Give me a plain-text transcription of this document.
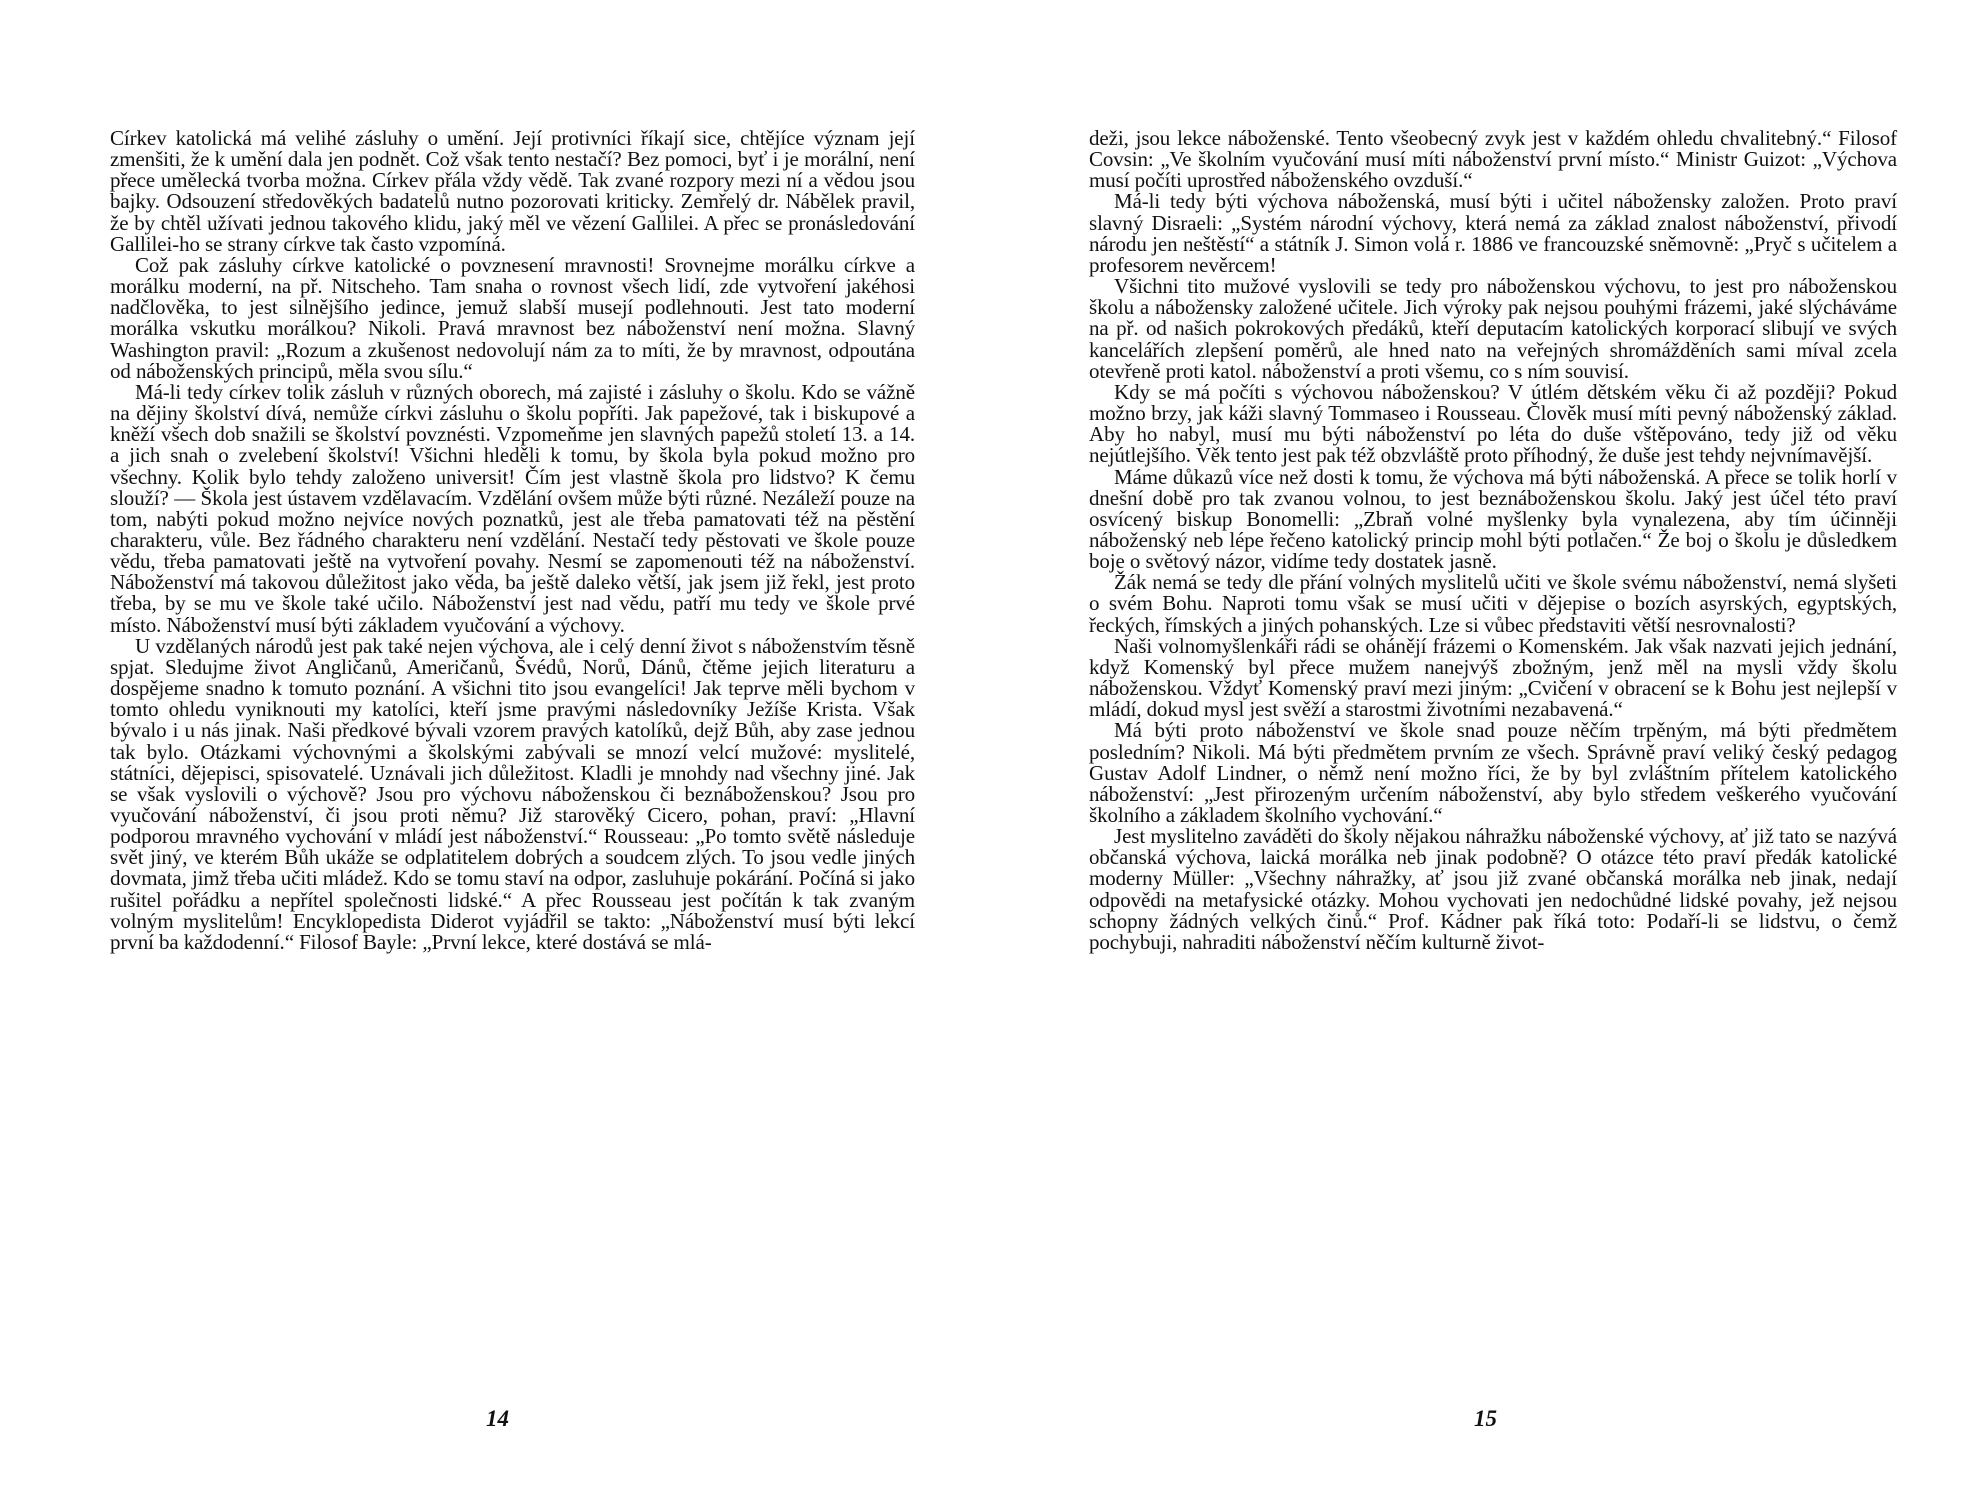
Církev katolická má velihé zásluhy o umění. Její protivníci říkají sice, chtějíce význam její zmenšiti, že k umění dala jen podnět. Což však tento nestačí? Bez pomoci, byť i je morální, není přece umělecká tvorba možna. Církev přála vždy vědě. Tak zvané rozpory mezi ní a vědou jsou bajky. Odsouzení středověkých badatelů nutno pozorovati kriticky. Zemřelý dr. Nábělek pravil, že by chtěl užívati jednou takového klidu, jaký měl ve vězení Gallilei. A přec se pronásledování Gallilei-ho se strany církve tak často vzpomíná.

Což pak zásluhy církve katolické o povznesení mravnosti! Srovnejme morálku církve a morálku moderní, na př. Nitscheho. Tam snaha o rovnost všech lidí, zde vytvoření jakéhosi nadčlověka, to jest silnějšího jedince, jemuž slabší musejí podlehnouti. Jest tato moderní morálka vskutku morálkou? Nikoli. Pravá mravnost bez náboženství není možna. Slavný Washington pravil: „Rozum a zkušenost nedovolují nám za to míti, že by mravnost, odpoutána od náboženských principů, měla svou sílu.“

Má-li tedy církev tolik zásluh v různých oborech, má zajisté i zásluhy o školu. Kdo se vážně na dějiny školství dívá, nemůže církvi zásluhu o školu popříti. Jak papežové, tak i biskupové a kněží všech dob snažili se školství povznésti. Vzpomeňme jen slavných papežů století 13. a 14. a jich snah o zvelebení školství! Všichni hleděli k tomu, by škola byla pokud možno pro všechny. Kolik bylo tehdy založeno universit! Čím jest vlastně škola pro lidstvo? K čemu slouží? — Škola jest ústavem vzdělavacím. Vzdělání ovšem může býti různé. Nezáleží pouze na tom, nabýti pokud možno nejvíce nových poznatků, jest ale třeba pamatovati též na pěstění charakteru, vůle. Bez řádného charakteru není vzdělání. Nestačí tedy pěstovati ve škole pouze vědu, třeba pamatovati ještě na vytvoření povahy. Nesmí se zapomenouti též na náboženství. Náboženství má takovou důležitost jako věda, ba ještě daleko větší, jak jsem již řekl, jest proto třeba, by se mu ve škole také učilo. Náboženství jest nad vědu, patří mu tedy ve škole prvé místo. Náboženství musí býti základem vyučování a výchovy.

U vzdělaných národů jest pak také nejen výchova, ale i celý denní život s náboženstvím těsně spjat. Sledujme život Angličanů, Američanů, Švédů, Norů, Dánů, čtěme jejich literaturu a dospějeme snadno k tomuto poznání. A všichni tito jsou evangelíci! Jak teprve měli bychom v tomto ohledu vyniknouti my katolíci, kteří jsme pravými následovníky Ježíše Krista. Však bývalo i u nás jinak. Naši předkové bývali vzorem pravých katolíků, dejž Bůh, aby zase jednou tak bylo. Otázkami výchovnými a školskými zabývali se mnozí velcí mužové: myslitelé, státníci, dějepisci, spisovatelé. Uznávali jich důležitost. Kladli je mnohdy nad všechny jiné. Jak se však vyslovili o výchově? Jsou pro výchovu náboženskou či beznáboženskou? Jsou pro vyučování náboženství, či jsou proti němu? Již starověký Cicero, pohan, praví: „Hlavní podporou mravného vychování v mládí jest náboženství.“ Rousseau: „Po tomto světě následuje svět jiný, ve kterém Bůh ukáže se odplatitelem dobrých a soudcem zlých. To jsou vedle jiných dovmata, jimž třeba učiti mládež. Kdo se tomu staví na odpor, zasluhuje pokárání. Počíná si jako rušitel pořádku a nepřítel společnosti lidské.“ A přec Rousseau jest počítán k tak zvaným volným myslitelům! Encyklopedista Diderot vyjádřil se takto: „Náboženství musí býti lekcí první ba každodenní.“ Filosof Bayle: „První lekce, které dostává se mlá-

14

deži, jsou lekce náboženské. Tento všeobecný zvyk jest v každém ohledu chvalitebný.“ Filosof Covsin: „Ve školním vyučování musí míti náboženství první místo.“ Ministr Guizot: „Výchova musí počíti uprostřed náboženského ovzduší.“

Má-li tedy býti výchova náboženská, musí býti i učitel nábožensky založen. Proto praví slavný Disraeli: „Systém národní výchovy, která nemá za základ znalost náboženství, přivodí národu jen neštěstí“ a státník J. Simon volá r. 1886 ve francouzské sněmovně: „Pryč s učitelem a profesorem nevěrcem!

Všichni tito mužové vyslovili se tedy pro náboženskou výchovu, to jest pro náboženskou školu a nábožensky založené učitele. Jich výroky pak nejsou pouhými frázemi, jaké slýcháváme na př. od našich pokrokových předáků, kteří deputacím katolických korporací slibují ve svých kancelářích zlepšení poměrů, ale hned nato na veřejných shromážděních sami míval zcela otevřeně proti katol. náboženství a proti všemu, co s ním souvisí.

Kdy se má počíti s výchovou náboženskou? V útlém dětském věku či až později? Pokud možno brzy, jak káži slavný Tommaseo i Rousseau. Člověk musí míti pevný náboženský základ. Aby ho nabyl, musí mu býti náboženství po léta do duše vštěpováno, tedy již od věku nejútlejšího. Věk tento jest pak též obzvláště proto příhodný, že duše jest tehdy nejvnímavější.

Máme důkazů více než dosti k tomu, že výchova má býti náboženská. A přece se tolik horlí v dnešní době pro tak zvanou volnou, to jest beznáboženskou školu. Jaký jest účel této praví osvícený biskup Bonomelli: „Zbraň volné myšlenky byla vynalezena, aby tím účinněji náboženský neb lépe řečeno katolický princip mohl býti potlačen.“ Že boj o školu je důsledkem boje o světový názor, vidíme tedy dostatek jasně.

Žák nemá se tedy dle přání volných myslitelů učiti ve škole svému náboženství, nemá slyšeti o svém Bohu. Naproti tomu však se musí učiti v dějepise o bozích asyrských, egyptských, řeckých, římských a jiných pohanských. Lze si vůbec představiti větší nesrovnalosti?

Naši volnomyšlenkáři rádi se ohánějí frázemi o Komenském. Jak však nazvati jejich jednání, když Komenský byl přece mužem nanejvýš zbožným, jenž měl na mysli vždy školu náboženskou. Vždyť Komenský praví mezi jiným: „Cvičení v obracení se k Bohu jest nejlepší v mládí, dokud mysl jest svěží a starostmi životními nezabavená.“

Má býti proto náboženství ve škole snad pouze něčím trpěným, má býti předmětem posledním? Nikoli. Má býti předmětem prvním ze všech. Správně praví veliký český pedagog Gustav Adolf Lindner, o němž není možno říci, že by byl zvláštním přítelem katolického náboženství: „Jest přirozeným určením náboženství, aby bylo středem veškerého vyučování školního a základem školního vychování.“

Jest myslitelno zaváděti do školy nějakou náhražku náboženské výchovy, ať již tato se nazývá občanská výchova, laická morálka neb jinak podobně? O otázce této praví předák katolické moderny Müller: „Všechny náhražky, ať jsou již zvané občanská morálka neb jinak, nedají odpovědi na metafysické otázky. Mohou vychovati jen nedochůdné lidské povahy, jež nejsou schopny žádných velkých činů.“ Prof. Kádner pak říká toto: Podaří-li se lidstvu, o čemž pochybuji, nahraditi náboženství něčím kulturně život-

15
